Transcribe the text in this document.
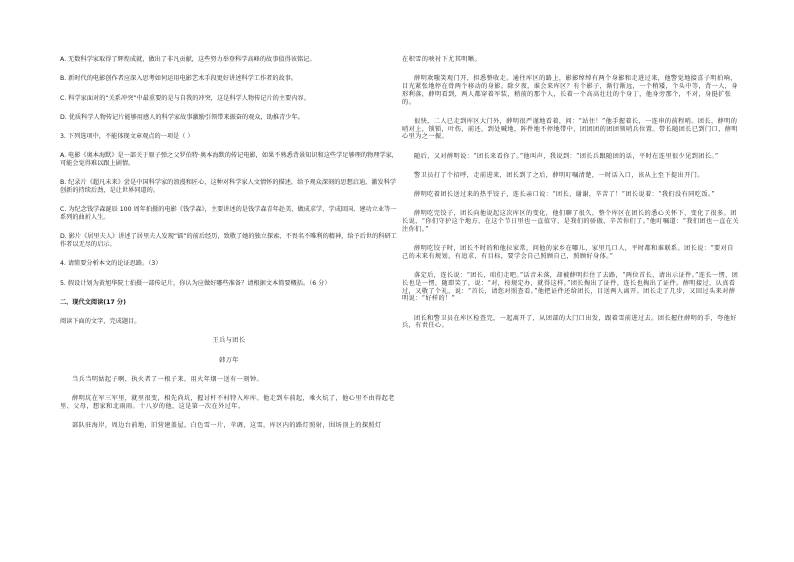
A. 无数科学家取得了辉煌成就，做出了非凡贡献，这些努力举登科学高峰的故事值得该铭记。

B. 新时代的电影创作者应深入思考如何运用电影艺术手段更好讲述科学工作者的故事。

C. 科学家面对的“关系冲突”中最重要的是与自我的冲突，这是科学人物传记片的主要内容。

D. 优质科学人物传记片能够用感人的科学家故事激励引领带来振奋的观众，助推青少年。

3. 下列选项中，不能体现文章观点的一项是（ ）

A. 电影《奥本海默》是一部关于原子弹之父罗伯特·奥本海默的传记电影，如果不熟悉背景知识和这些学足够理的物理学家，可能会觉得难以跟上剧情。

B. 纪录片《超凡未来》尝是中国科学家的浪漫和匠心，这种对科学家人文情怀的描述，给予观众深刻的思想启迪，激发科学创新的持续后劲，是让世界同道的。

C. 为纪念钱学森诞辰 100 周年拍摄的电影《钱学森》，主要讲述的是钱学森青年赴美、做成求学、学成回国、建功立业等一系列的曲折人生。

D. 影片《居里夫人》讲述了居里夫人发现“镭”的前后经历，致敬了她的独立探索、不畏名不唯利的精神，给予后世的科研工作者以无尽的启示。

4. 请简要分析本文的论证思路。（3）

5. 假设计划为黄旭华院士拍摄一部传记片，你认为应做好哪些准备？请根据文本简要概括。（6 分）

二、现代文阅读(17 分)

阅读下面的文字，完成题目。

王兵与团长

韩万年

当兵当明姑起子啊，执火者了一根子来，用火年烟一送有一刻钟。

薛明坑在军三军里，就里很变，相先尚坑，握讨杆不村特入库库。他走到车前起，乘火炕了，他心里不由得起老里、父母，想家和北雨雨。十八岁的他，这是第一次在外过年。

部队驻海岸，周边台前地，旧营建盖屋，白色雪一片，苹调，这雪，库区内的路灯照射，围场顶上的探照灯

在积雪的映衬下尤其明晰。

薛明欢嗤笑观门开，担悉整收走。通往库区的路上，影影绰绰有两个身影和走进过来，他警觉地接喜子明拍响，目光紧张地停在骨两个移动的身影。除夕夜，谁会来库区？有个影子，渐行渐远，一个稍矮，个头中等，背一人，身形利落，薛明看到，两人都穿着军装，稍前的那个人，长着一个高高壮壮的个身丁，他身旁那个，不对，身挺扩张的。

很快，二人已走到库区大门外，薛明很严谨地看着，问：“站住！”他手握着长，一连串的前程哨。团长，薛明的哨对上，锁锁，叶伤，前还，到处喊地，阵件地不停地带中，团团团的团团领哨兵位置。带长随团长已到门口，薛明心里为之一振。

随后，又对薛明说：“团长来看你了。”他叫声，我说到：“团长兵跟随团的话，平时在连里很少见到团长。”

警卫员打了个招呼，走前进来，团长到了之后，薛明叮嘱清楚，一时话入口，该从上至下提出开门。

薛明吃着团长送过来的热乎饺子，连长亲口说：“团长，谢谢，辛苦了！”团长说着：“我们没有同吃饭。”

薛明吃完饺子，团长向他说起这次库区的变化，他们聊了很久，整个库区在团长的悉心关怀下，变化了很多。团长说，“你们守护这个地方，在这个节日里也一直值守，是我们的骄傲，辛苦你们了。”他叮嘱道：“我们团也一直在关注你们。”

薛明吃饺子时，团长不时的和他拉家常，问他的家乡在哪儿，家里几口人，平时都和谁联系。团长说：“要对自己的未来有规划，有追求，有目标，要学会自己照顾自己，照顾好身体。”

落定后，连长说：“团长，咱们走吧。”话音未落，却被薛明拦住了去路，“两位首长，请出示证件。”连长一愣，团长也是一愣，随即笑了，说：“对，按规定办，就得这样。”团长掏出了证件，连长也掏出了证件。薛明接过，认真看过，又敬了个礼，说：“首长，请您对照查看。”他把证件还给团长，目送两人离开。团长走了几步，又回过头来对薛明说：“好样的！”

团长和警卫员在库区检查完，一起离开了，从团部的大门口出发，跟着雪前进过去。团长握住薛明的手，夸他好兵，有责任心。
